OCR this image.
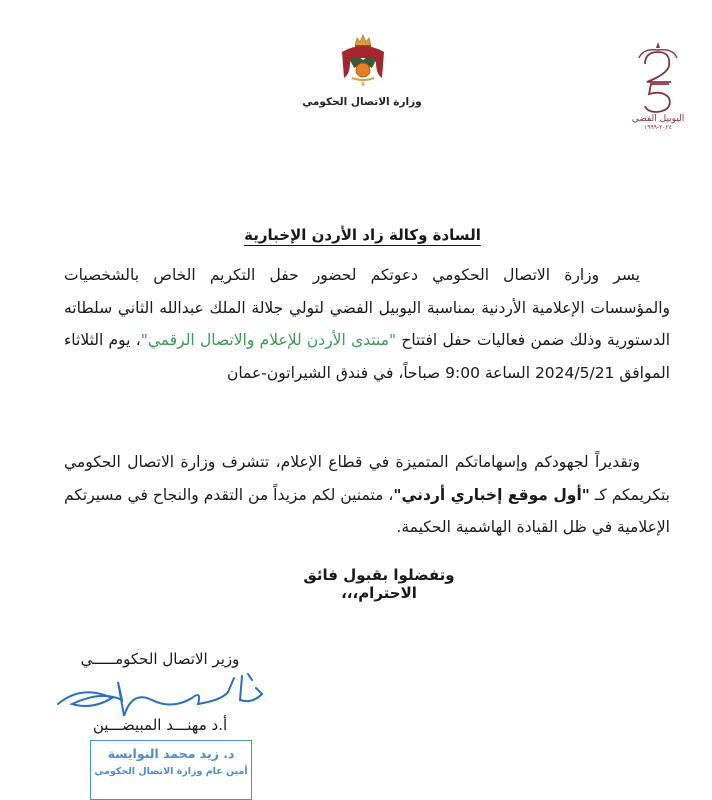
وزارة الاتصال الحكومي
اليوبيل الفضي
٢٠٢٤-١٩٩٩
السادة وكالة زاد الأردن الإخبارية
يسر وزارة الاتصال الحكومي دعوتكم لحضور حفل التكريم الخاص بالشخصيات والمؤسسات الإعلامية الأردنية بمناسبة اليوبيل الفضي لتولي جلالة الملك عبدالله الثاني سلطاته الدستورية وذلك ضمن فعاليات حفل افتتاح "منتدى الأردن للإعلام والاتصال الرقمي"، يوم الثلاثاء الموافق 2024/5/21 الساعة 9:00 صباحاً، في فندق الشيراتون-عمان
وتقديراً لجهودكم وإسهاماتكم المتميزة في قطاع الإعلام، تتشرف وزارة الاتصال الحكومي بتكريمكم كـ "أول موقع إخباري أردني"، متمنين لكم مزيداً من التقدم والنجاح في مسيرتكم الإعلامية في ظل القيادة الهاشمية الحكيمة.
وتفضلوا بقبول فائق الاحترام،،،
وزير الاتصال الحكومـــــي
أ.د مهنـــد المبيضـــين
د. زيد محمد النوايسة
أمين عام وزارة الاتصال الحكومي
